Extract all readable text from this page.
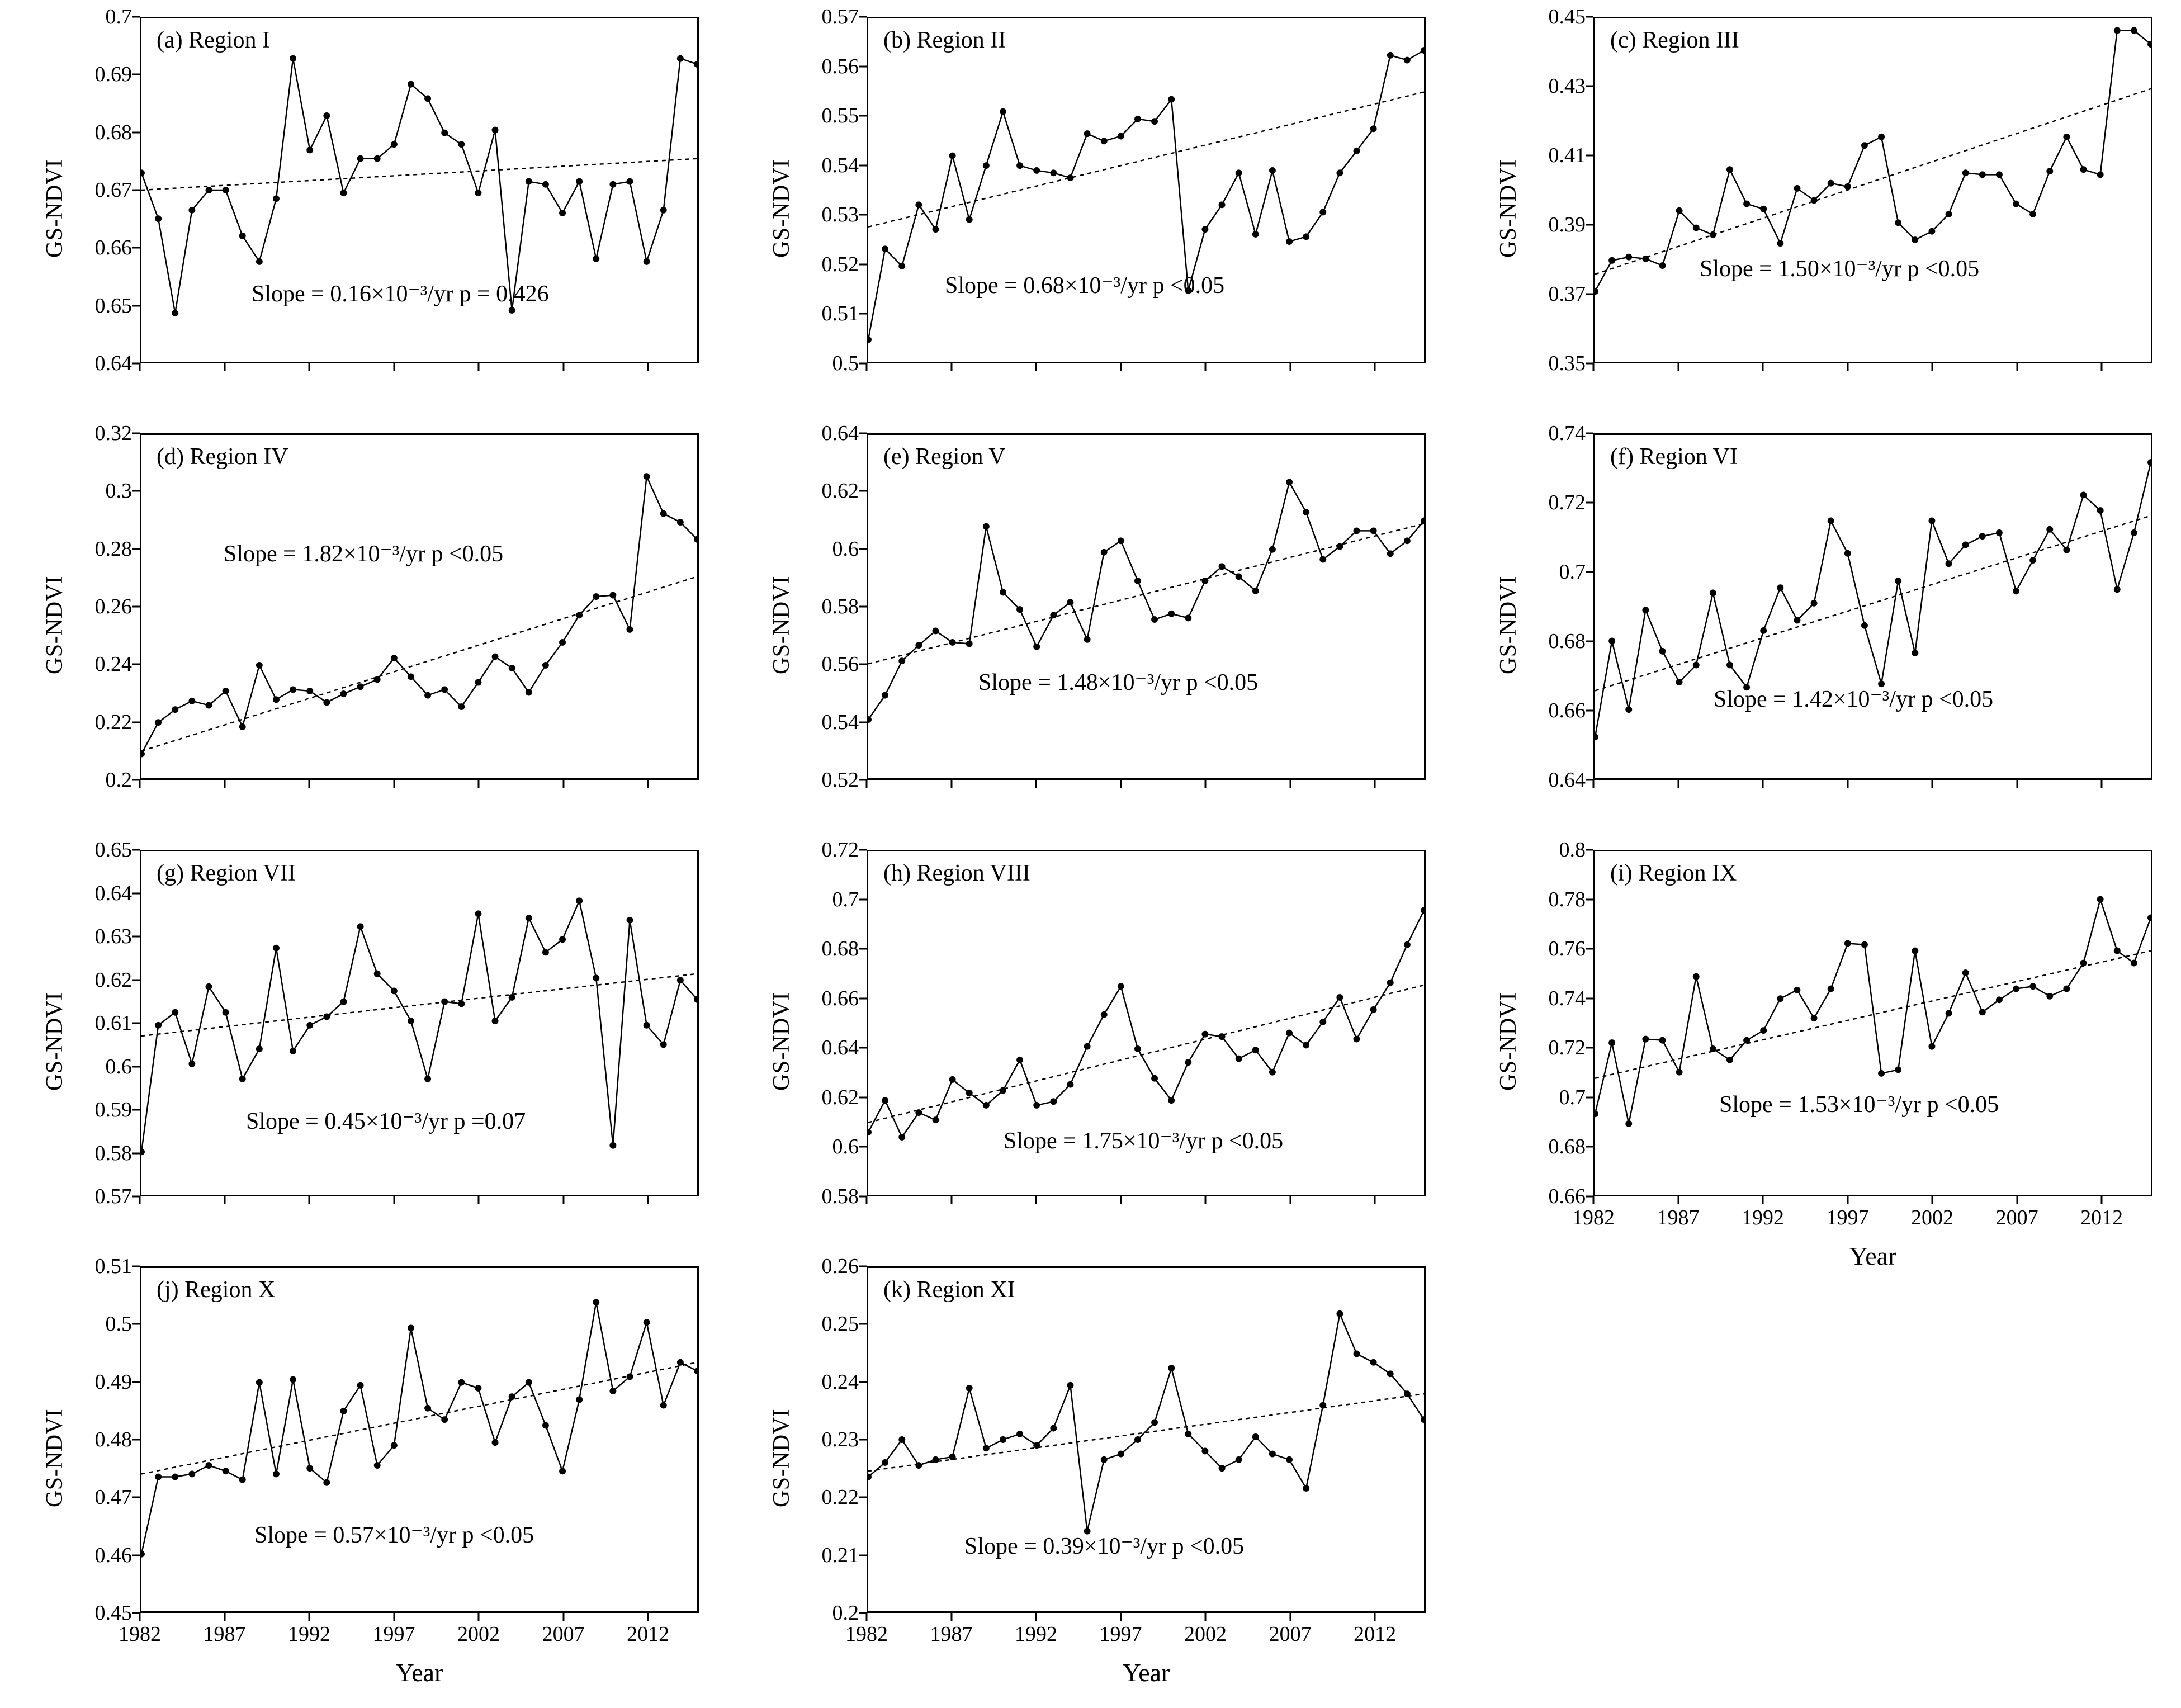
GS-NDVI
0.64
0.65
0.66
0.67
0.68
0.69
0.7
(a) Region I
Slope = 0.16×10⁻³/yr p = 0.426
GS-NDVI
0.5
0.51
0.52
0.53
0.54
0.55
0.56
0.57
(b) Region II
Slope = 0.68×10⁻³/yr p <0.05
GS-NDVI
0.35
0.37
0.39
0.41
0.43
0.45
(c) Region III
Slope = 1.50×10⁻³/yr p <0.05
GS-NDVI
0.2
0.22
0.24
0.26
0.28
0.3
0.32
(d) Region IV
Slope = 1.82×10⁻³/yr p <0.05
GS-NDVI
0.52
0.54
0.56
0.58
0.6
0.62
0.64
(e) Region V
Slope = 1.48×10⁻³/yr p <0.05
GS-NDVI
0.64
0.66
0.68
0.7
0.72
0.74
(f) Region VI
Slope = 1.42×10⁻³/yr p <0.05
GS-NDVI
0.57
0.58
0.59
0.6
0.61
0.62
0.63
0.64
0.65
(g) Region VII
Slope = 0.45×10⁻³/yr p =0.07
GS-NDVI
0.58
0.6
0.62
0.64
0.66
0.68
0.7
0.72
(h) Region VIII
Slope = 1.75×10⁻³/yr p <0.05
GS-NDVI
0.66
0.68
0.7
0.72
0.74
0.76
0.78
0.8
1982 1987 1992 1997 2002 2007 2012
Year
(i) Region IX
Slope = 1.53×10⁻³/yr p <0.05
GS-NDVI
0.45
0.46
0.47
0.48
0.49
0.5
0.51
1982 1987 1992 1997 2002 2007 2012
Year
(j) Region X
Slope = 0.57×10⁻³/yr p <0.05
GS-NDVI
0.2
0.21
0.22
0.23
0.24
0.25
0.26
1982 1987 1992 1997 2002 2007 2012
Year
(k) Region XI
Slope = 0.39×10⁻³/yr p <0.05
